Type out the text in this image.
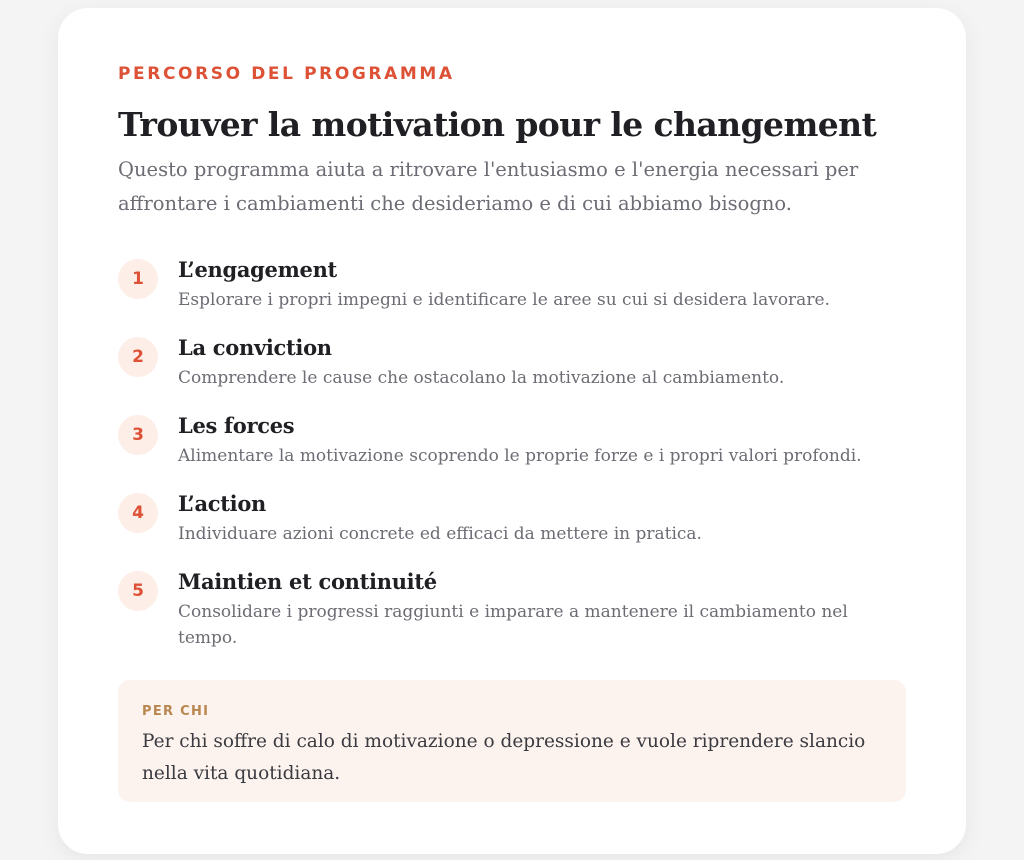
PERCORSO DEL PROGRAMMA

Trouver la motivation pour le changement

Questo programma aiuta a ritrovare l'entusiasmo e l'energia necessari per affrontare i cambiamenti che desideriamo e di cui abbiamo bisogno.

1	L’engagement

Esplorare i propri impegni e identificare le aree su cui si desidera lavorare.

2	La conviction

Comprendere le cause che ostacolano la motivazione al cambiamento.

3	Les forces

Alimentare la motivazione scoprendo le proprie forze e i propri valori profondi.

4	L’action

Individuare azioni concrete ed efficaci da mettere in pratica.

5	Maintien et continuité

Consolidare i progressi raggiunti e imparare a mantenere il cambiamento nel tempo.

PER CHI

Per chi soffre di calo di motivazione o depressione e vuole riprendere slancio nella vita quotidiana.
